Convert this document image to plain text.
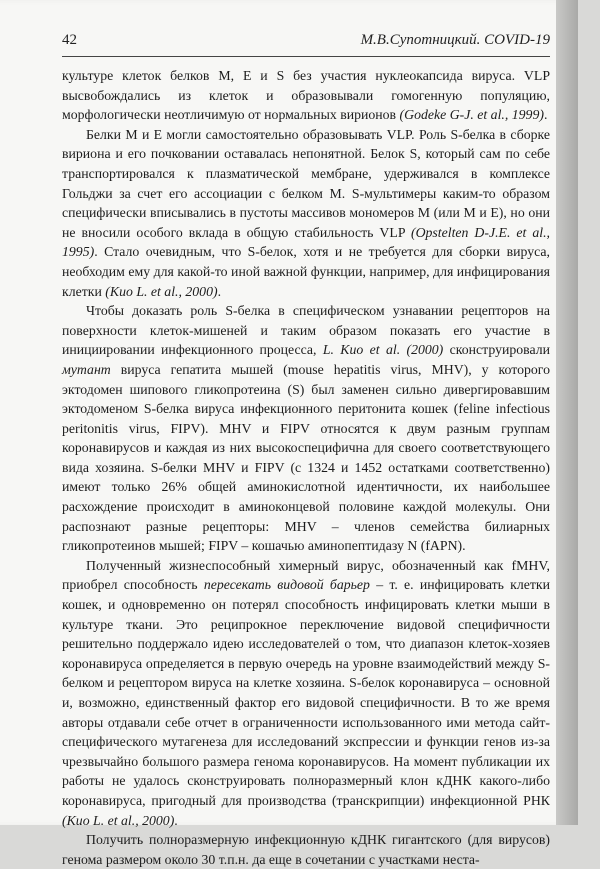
42	М.В.Супотницкий. COVID-19

культуре клеток белков M, E и S без участия нуклеокапсида вируса. VLP высвобождались из клеток и образовывали гомогенную популяцию, морфологически неотличимую от нормальных вирионов (Godeke G-J. et al., 1999).

Белки M и E могли самостоятельно образовывать VLP. Роль S-белка в сборке вириона и его почковании оставалась непонятной. Белок S, который сам по себе транспортировался к плазматической мембране, удерживался в комплексе Гольджи за счет его ассоциации с белком M. S-мультимеры каким-то образом специфически вписывались в пустоты массивов мономеров M (или M и E), но они не вносили особого вклада в общую стабильность VLP (Opstelten D-J.E. et al., 1995). Стало очевидным, что S-белок, хотя и не требуется для сборки вируса, необходим ему для какой-то иной важной функции, например, для инфицирования клетки (Kuo L. et al., 2000).

Чтобы доказать роль S-белка в специфическом узнавании рецепторов на поверхности клеток-мишеней и таким образом показать его участие в инициировании инфекционного процесса, L. Kuo et al. (2000) сконструировали мутант вируса гепатита мышей (mouse hepatitis virus, MHV), у которого эктодомен шипового гликопротеина (S) был заменен сильно дивергировавшим эктодоменом S-белка вируса инфекционного перитонита кошек (feline infectious peritonitis virus, FIPV). MHV и FIPV относятся к двум разным группам коронавирусов и каждая из них высокоспецифична для своего соответствующего вида хозяина. S-белки MHV и FIPV (с 1324 и 1452 остатками соответственно) имеют только 26% общей аминокислотной идентичности, их наибольшее расхождение происходит в аминоконцевой половине каждой молекулы. Они распознают разные рецепторы: MHV – членов семейства билиарных гликопротеинов мышей; FIPV – кошачью аминопептидазу N (fAPN).

Полученный жизнеспособный химерный вирус, обозначенный как fMHV, приобрел способность пересекать видовой барьер – т. е. инфицировать клетки кошек, и одновременно он потерял способность инфицировать клетки мыши в культуре ткани. Это реципрокное переключение видовой специфичности решительно поддержало идею исследователей о том, что диапазон клеток-хозяев коронавируса определяется в первую очередь на уровне взаимодействий между S-белком и рецептором вируса на клетке хозяина. S-белок коронавируса – основной и, возможно, единственный фактор его видовой специфичности. В то же время авторы отдавали себе отчет в ограниченности использованного ими метода сайт-специфического мутагенеза для исследований экспрессии и функции генов из-за чрезвычайно большого размера генома коронавирусов. На момент публикации их работы не удалось сконструировать полноразмерный клон кДНК какого-либо коронавируса, пригодный для производства (транскрипции) инфекционной РНК (Kuo L. et al., 2000).

Получить полноразмерную инфекционную кДНК гигантского (для вирусов) генома размером около 30 т.п.н. да еще в сочетании с участками неста-
